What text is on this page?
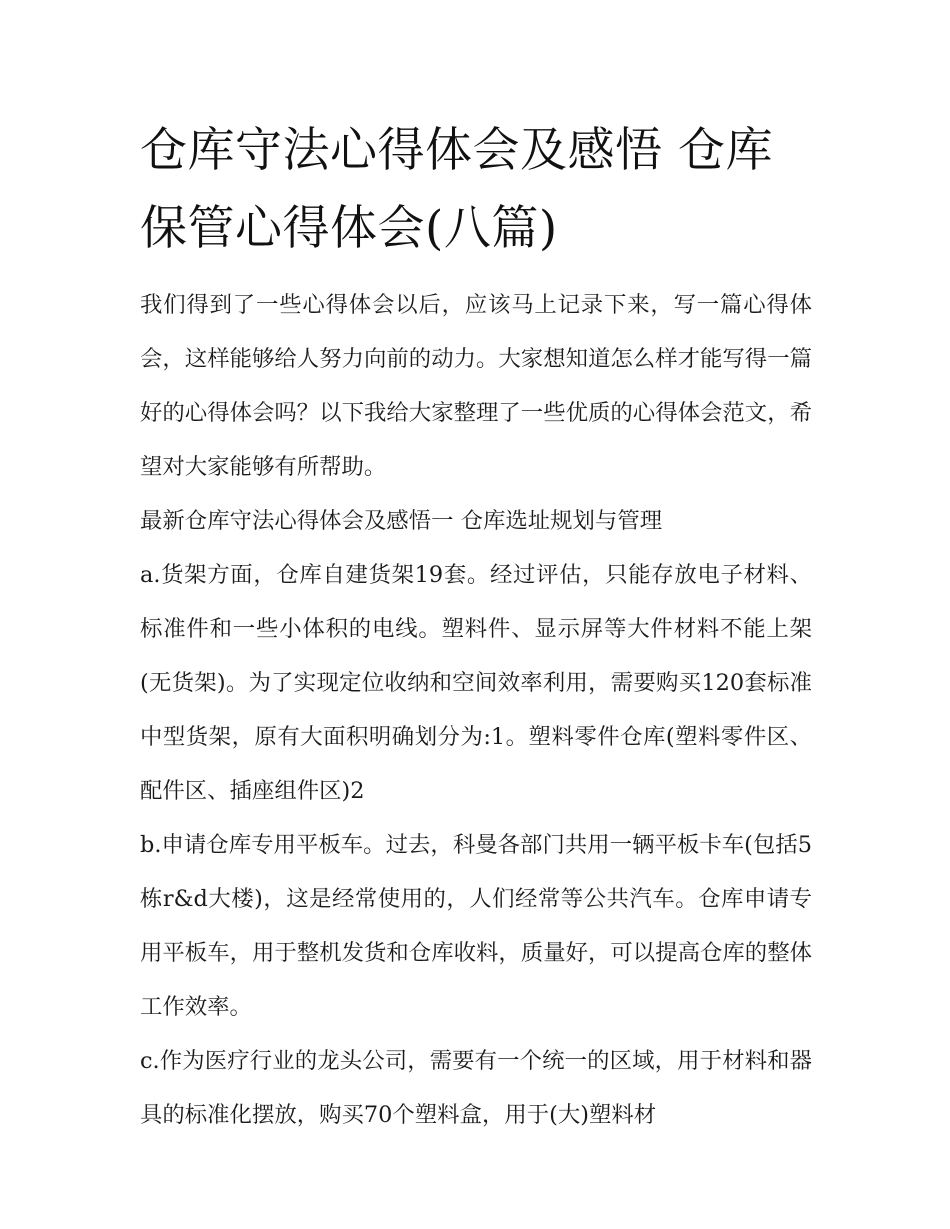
仓库守法心得体会及感悟 仓库保管心得体会(八篇)

我们得到了一些心得体会以后，应该马上记录下来，写一篇心得体会，这样能够给人努力向前的动力。大家想知道怎么样才能写得一篇好的心得体会吗？以下我给大家整理了一些优质的心得体会范文，希望对大家能够有所帮助。

最新仓库守法心得体会及感悟一 仓库选址规划与管理

a.货架方面，仓库自建货架19套。经过评估，只能存放电子材料、标准件和一些小体积的电线。塑料件、显示屏等大件材料不能上架(无货架)。为了实现定位收纳和空间效率利用，需要购买120套标准中型货架，原有大面积明确划分为:1。塑料零件仓库(塑料零件区、配件区、插座组件区)2

b.申请仓库专用平板车。过去，科曼各部门共用一辆平板卡车(包括5栋r&d大楼)，这是经常使用的，人们经常等公共汽车。仓库申请专用平板车，用于整机发货和仓库收料，质量好，可以提高仓库的整体工作效率。

c.作为医疗行业的龙头公司，需要有一个统一的区域，用于材料和器具的标准化摆放，购买70个塑料盒，用于(大)塑料材
